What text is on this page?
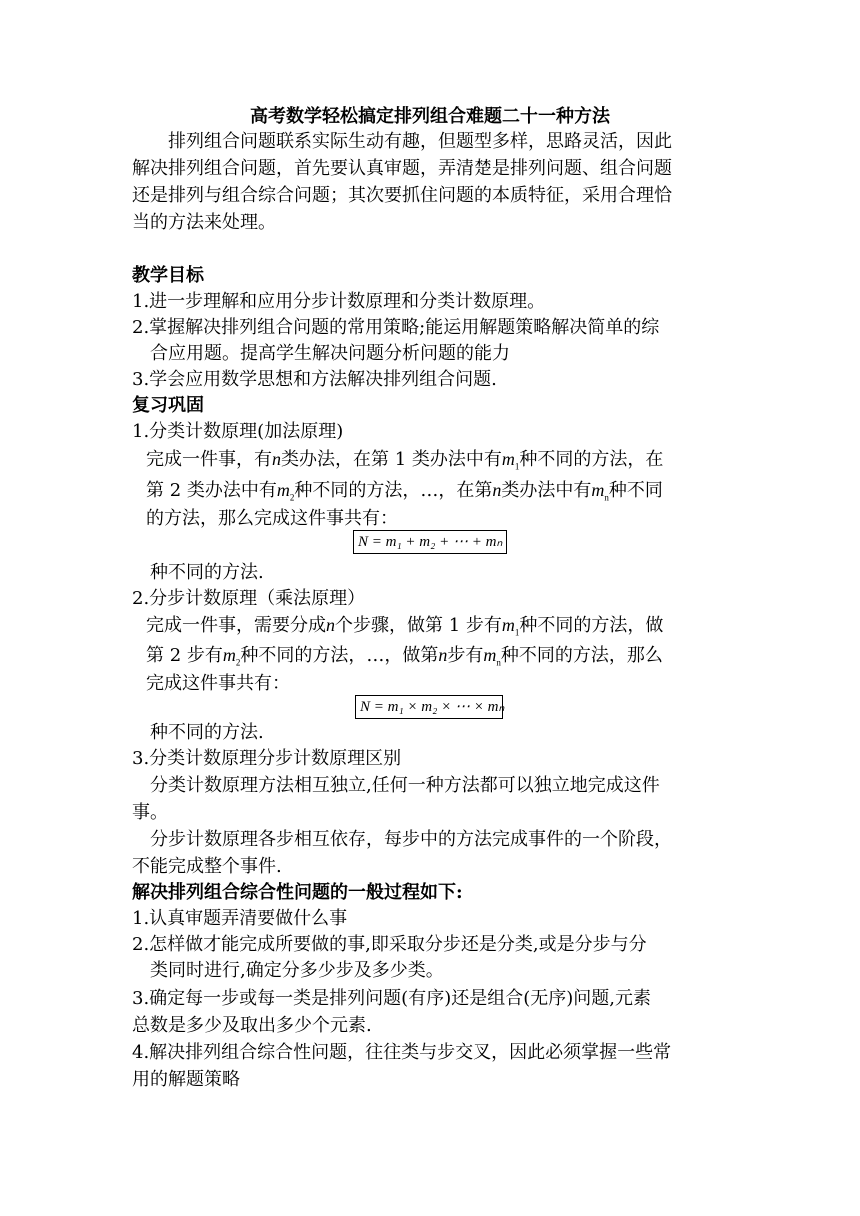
高考数学轻松搞定排列组合难题二十一种方法
排列组合问题联系实际生动有趣，但题型多样，思路灵活，因此
解决排列组合问题，首先要认真审题，弄清楚是排列问题、组合问题
还是排列与组合综合问题；其次要抓住问题的本质特征，采用合理恰
当的方法来处理。
教学目标
1.进一步理解和应用分步计数原理和分类计数原理。
2.掌握解决排列组合问题的常用策略;能运用解题策略解决简单的综
合应用题。提高学生解决问题分析问题的能力
3.学会应用数学思想和方法解决排列组合问题.
复习巩固
1.分类计数原理(加法原理)
完成一件事，有n类办法，在第 1 类办法中有$m_1$种不同的方法，在
第 2 类办法中有$m_2$种不同的方法，…，在第n类办法中有$m_n$种不同
的方法，那么完成这件事共有：
N = m₁ + m₂ + ⋯ + mₙ
种不同的方法.
2.分步计数原理（乘法原理）
完成一件事，需要分成n个步骤，做第 1 步有$m_1$种不同的方法，做
第 2 步有$m_2$种不同的方法，…，做第n步有$m_n$种不同的方法，那么
完成这件事共有：
N = m₁ × m₂ × ⋯ × mₙ
种不同的方法.
3.分类计数原理分步计数原理区别
分类计数原理方法相互独立,任何一种方法都可以独立地完成这件
事。
分步计数原理各步相互依存，每步中的方法完成事件的一个阶段，
不能完成整个事件.
解决排列组合综合性问题的一般过程如下:
1.认真审题弄清要做什么事
2.怎样做才能完成所要做的事,即采取分步还是分类,或是分步与分
类同时进行,确定分多少步及多少类。
3.确定每一步或每一类是排列问题(有序)还是组合(无序)问题,元素
总数是多少及取出多少个元素.
4.解决排列组合综合性问题，往往类与步交叉，因此必须掌握一些常
用的解题策略
